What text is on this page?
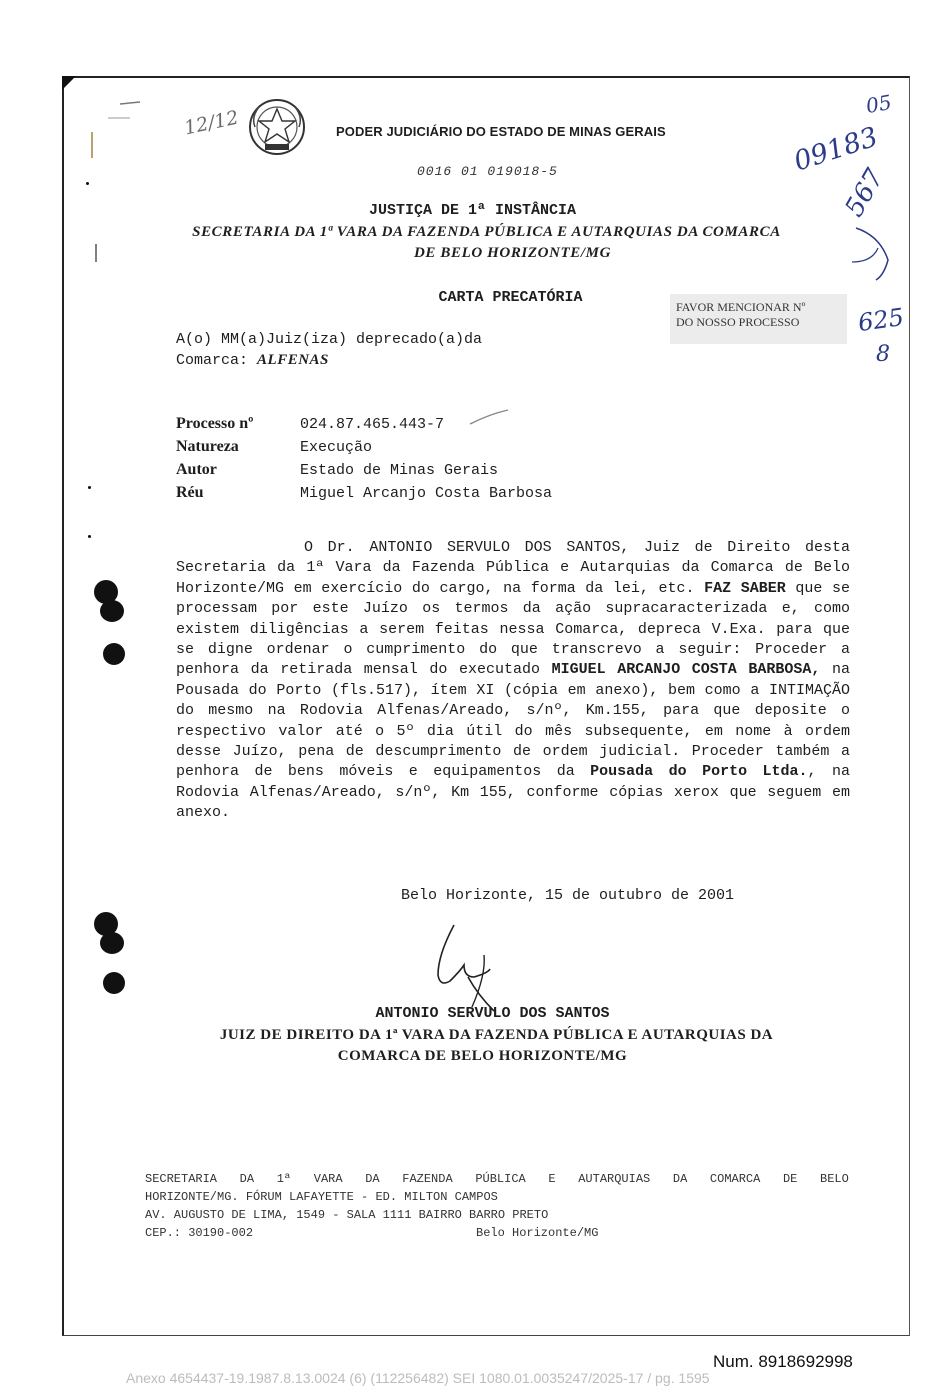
PODER JUDICIÁRIO DO ESTADO DE MINAS GERAIS
0016 01 019018-5
JUSTIÇA DE 1ª INSTÂNCIA
SECRETARIA DA 1ª VARA DA FAZENDA PÚBLICA E AUTARQUIAS DA COMARCA
DE BELO HORIZONTE/MG
CARTA PRECATÓRIA
FAVOR MENCIONAR Nº
DO NOSSO PROCESSO
12/12	09183
05
567
625
8
A(o) MM(a)Juiz(iza) deprecado(a)da
Comarca: ALFENAS
Processo nº	024.87.465.443-7
Natureza	Execução
Autor	Estado de Minas Gerais
Réu	Miguel Arcanjo Costa Barbosa

O Dr. ANTONIO SERVULO DOS SANTOS, Juiz de Direito desta Secretaria da 1ª Vara da Fazenda Pública e Autarquias da Comarca de Belo Horizonte/MG em exercício do cargo, na forma da lei, etc. FAZ SABER que se processam por este Juízo os termos da ação supracaracterizada e, como existem diligências a serem feitas nessa Comarca, depreca V.Exa. para que se digne ordenar o cumprimento do que transcrevo a seguir: Proceder a penhora da retirada mensal do executado MIGUEL ARCANJO COSTA BARBOSA, na Pousada do Porto (fls.517), ítem XI (cópia em anexo), bem como a INTIMAÇÃO do mesmo na Rodovia Alfenas/Areado, s/nº, Km.155, para que deposite o respectivo valor até o 5º dia útil do mês subsequente, em nome à ordem desse Juízo, pena de descumprimento de ordem judicial. Proceder também a penhora de bens móveis e equipamentos da Pousada do Porto Ltda., na Rodovia Alfenas/Areado, s/nº, Km 155, conforme cópias xerox que seguem em anexo.

Belo Horizonte, 15 de outubro de 2001
ANTONIO SERVULO DOS SANTOS
JUIZ DE DIREITO DA 1ª VARA DA FAZENDA PÚBLICA E AUTARQUIAS DA
COMARCA DE BELO HORIZONTE/MG
SECRETARIA DA 1ª VARA DA FAZENDA PÚBLICA E AUTARQUIAS DA COMARCA DE BELO
HORIZONTE/MG. FÓRUM LAFAYETTE - ED. MILTON CAMPOS
AV. AUGUSTO DE LIMA, 1549 - SALA 1111 BAIRRO BARRO PRETO
CEP.: 30190-002	Belo Horizonte/MG
Num. 8918692998
Anexo 4654437-19.1987.8.13.0024 (6) (112256482) SEI 1080.01.0035247/2025-17 / pg. 1595
